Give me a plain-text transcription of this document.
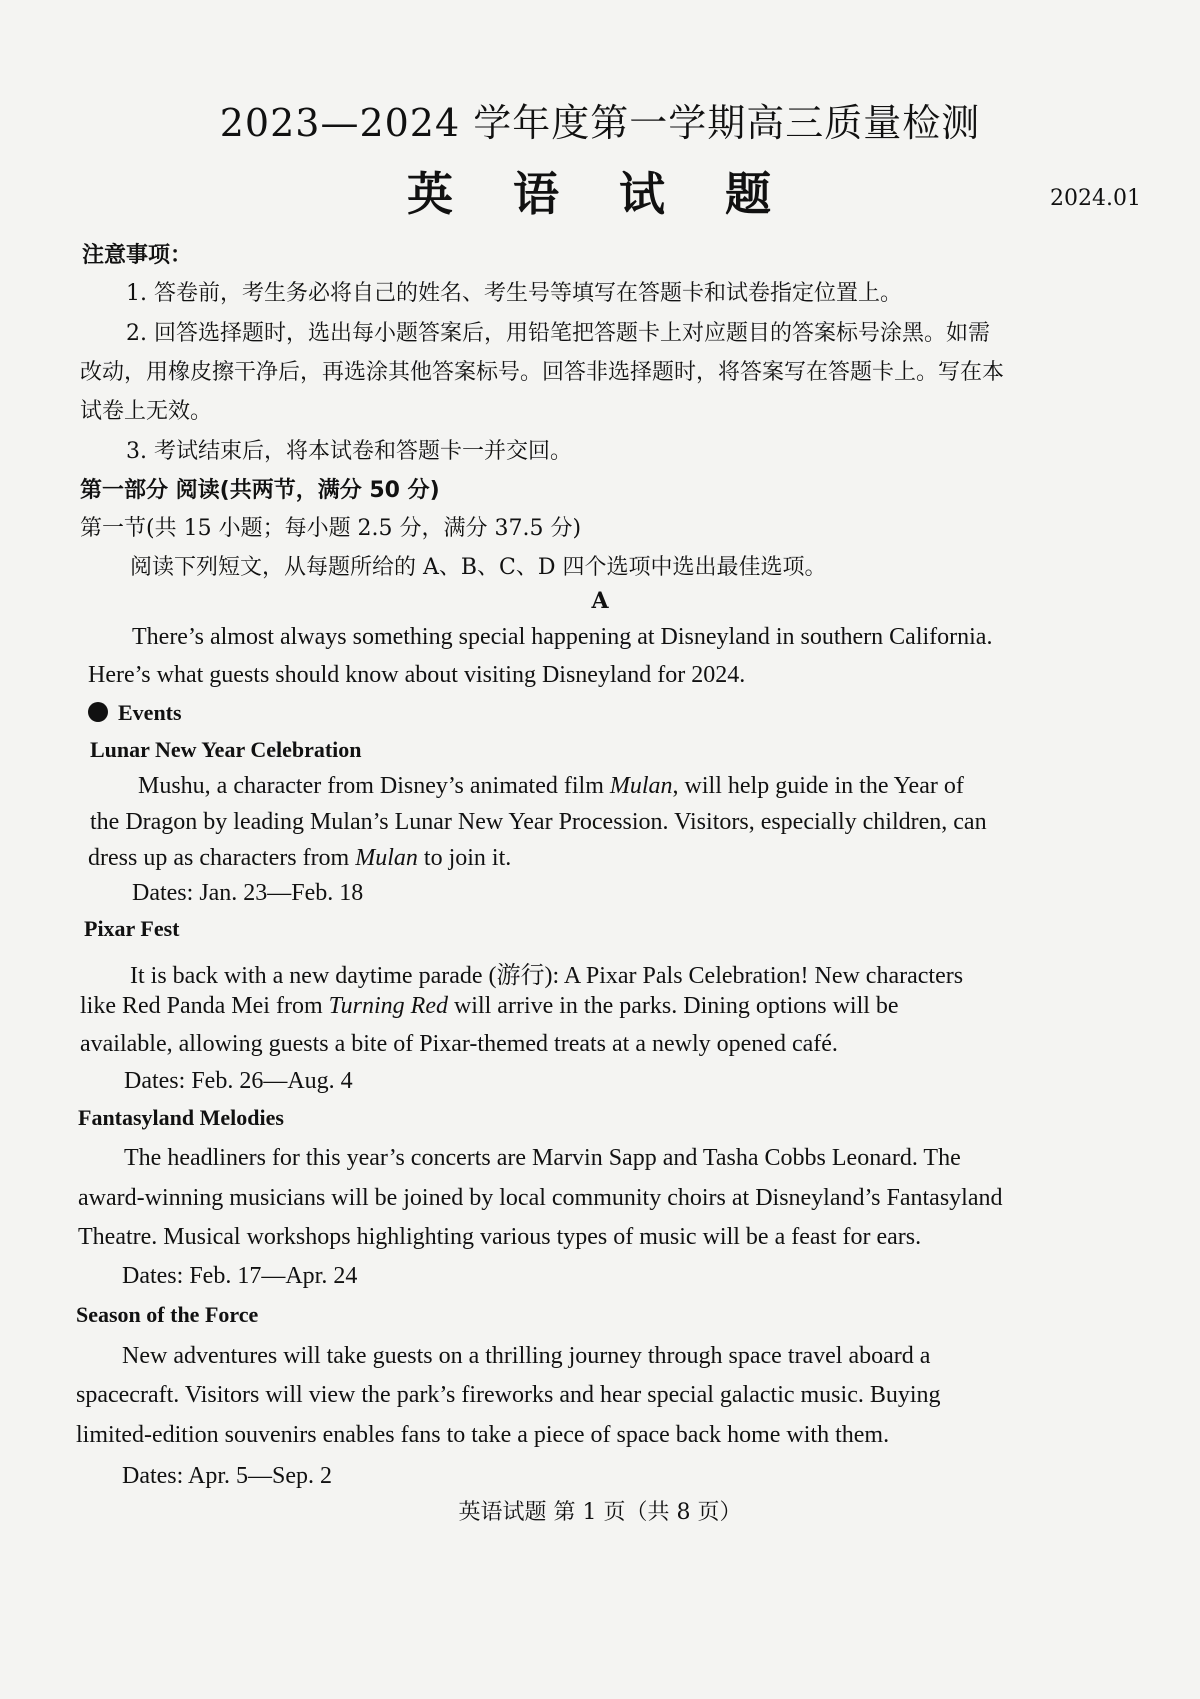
2023—2024 学年度第一学期高三质量检测
英 语 试 题	2024.01
注意事项：
1. 答卷前，考生务必将自己的姓名、考生号等填写在答题卡和试卷指定位置上。
2. 回答选择题时，选出每小题答案后，用铅笔把答题卡上对应题目的答案标号涂黑。如需
改动，用橡皮擦干净后，再选涂其他答案标号。回答非选择题时，将答案写在答题卡上。写在本
试卷上无效。
3. 考试结束后，将本试卷和答题卡一并交回。
第一部分 阅读(共两节，满分 50 分)
第一节(共 15 小题；每小题 2.5 分，满分 37.5 分)
阅读下列短文，从每题所给的 A、B、C、D 四个选项中选出最佳选项。
A
There’s almost always something special happening at Disneyland in southern California.
Here’s what guests should know about visiting Disneyland for 2024.
Events
Lunar New Year Celebration
Mushu, a character from Disney’s animated film Mulan, will help guide in the Year of
the Dragon by leading Mulan’s Lunar New Year Procession. Visitors, especially children, can
dress up as characters from Mulan to join it.
Dates: Jan. 23—Feb. 18
Pixar Fest
It is back with a new daytime parade (游行): A Pixar Pals Celebration! New characters
like Red Panda Mei from Turning Red will arrive in the parks. Dining options will be
available, allowing guests a bite of Pixar-themed treats at a newly opened café.
Dates: Feb. 26—Aug. 4
Fantasyland Melodies
The headliners for this year’s concerts are Marvin Sapp and Tasha Cobbs Leonard. The
award-winning musicians will be joined by local community choirs at Disneyland’s Fantasyland
Theatre. Musical workshops highlighting various types of music will be a feast for ears.
Dates: Feb. 17—Apr. 24
Season of the Force
New adventures will take guests on a thrilling journey through space travel aboard a
spacecraft. Visitors will view the park’s fireworks and hear special galactic music. Buying
limited-edition souvenirs enables fans to take a piece of space back home with them.
Dates: Apr. 5—Sep. 2
英语试题 第 1 页（共 8 页）
